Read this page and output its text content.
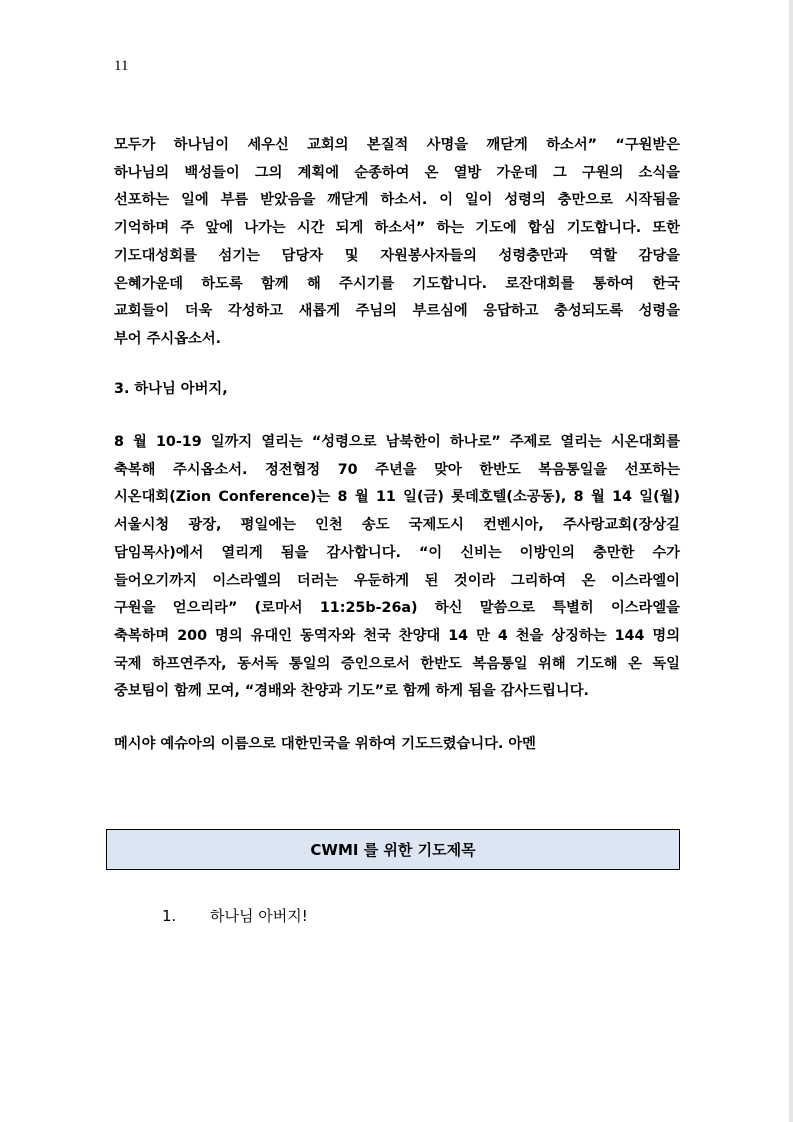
11
모두가 하나님이 세우신 교회의 본질적 사명을 깨닫게 하소서” “구원받은
하나님의 백성들이 그의 계획에 순종하여 온 열방 가운데 그 구원의 소식을
선포하는 일에 부름 받았음을 깨닫게 하소서. 이 일이 성령의 충만으로 시작됨을
기억하며 주 앞에 나가는 시간 되게 하소서” 하는 기도에 합심 기도합니다. 또한
기도대성회를 섬기는 담당자 및 자원봉사자들의 성령충만과 역할 감당을
은혜가운데 하도록 함께 해 주시기를 기도합니다. 로잔대회를 통하여 한국
교회들이 더욱 각성하고 새롭게 주님의 부르심에 응답하고 충성되도록 성령을
부어 주시옵소서.
3. 하나님 아버지,
8 월 10-19 일까지 열리는 “성령으로 남북한이 하나로” 주제로 열리는 시온대회를
축복해 주시옵소서. 정전협정 70 주년을 맞아 한반도 복음통일을 선포하는
시온대회(Zion Conference)는 8 월 11 일(금) 롯데호텔(소공동), 8 월 14 일(월)
서울시청 광장, 평일에는 인천 송도 국제도시 컨벤시아, 주사랑교회(장상길
담임목사)에서 열리게 됨을 감사합니다. “이 신비는 이방인의 충만한 수가
들어오기까지 이스라엘의 더러는 우둔하게 된 것이라 그리하여 온 이스라엘이
구원을 얻으리라” (로마서 11:25b-26a) 하신 말씀으로 특별히 이스라엘을
축복하며 200 명의 유대인 동역자와 천국 찬양대 14 만 4 천을 상징하는 144 명의
국제 하프연주자, 동서독 통일의 증인으로서 한반도 복음통일 위해 기도해 온 독일
중보팀이 함께 모여, “경배와 찬양과 기도”로 함께 하게 됨을 감사드립니다.
메시야 예슈아의 이름으로 대한민국을 위하여 기도드렸습니다. 아멘
CWMI 를 위한 기도제목
1. 하나님 아버지!
